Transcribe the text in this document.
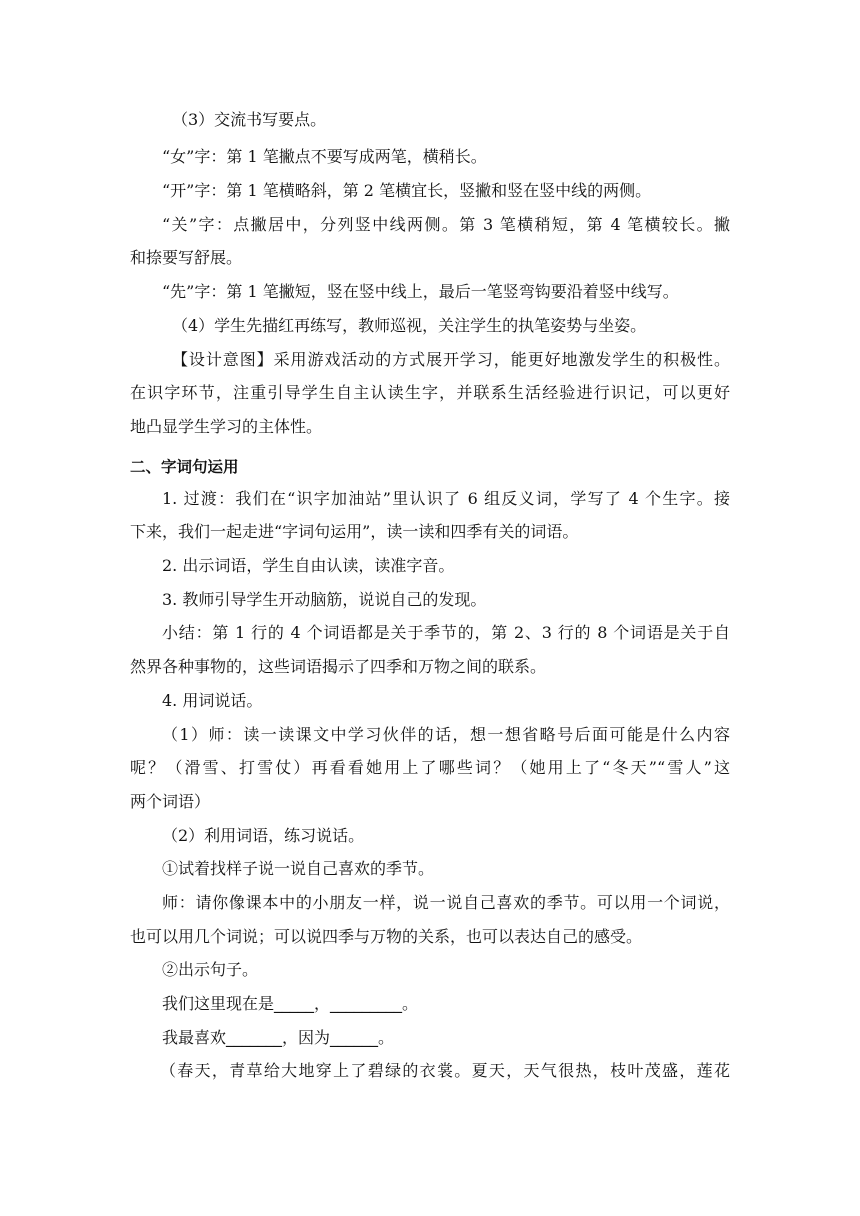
（3）交流书写要点。
“女”字：第 1 笔撇点不要写成两笔，横稍长。
“开”字：第 1 笔横略斜，第 2 笔横宜长，竖撇和竖在竖中线的两侧。
“关”字：点撇居中，分列竖中线两侧。第 3 笔横稍短，第 4 笔横较长。撇
和捺要写舒展。
“先”字：第 1 笔撇短，竖在竖中线上，最后一笔竖弯钩要沿着竖中线写。
（4）学生先描红再练写，教师巡视，关注学生的执笔姿势与坐姿。
【设计意图】采用游戏活动的方式展开学习，能更好地激发学生的积极性。
在识字环节，注重引导学生自主认读生字，并联系生活经验进行识记，可以更好
地凸显学生学习的主体性。
二、字词句运用
1. 过渡：我们在“识字加油站”里认识了 6 组反义词，学写了 4 个生字。接
下来，我们一起走进“字词句运用”，读一读和四季有关的词语。
2. 出示词语，学生自由认读，读准字音。
3. 教师引导学生开动脑筋，说说自己的发现。
小结：第 1 行的 4 个词语都是关于季节的，第 2、3 行的 8 个词语是关于自
然界各种事物的，这些词语揭示了四季和万物之间的联系。
4. 用词说话。
（1）师：读一读课文中学习伙伴的话，想一想省略号后面可能是什么内容
呢？（滑雪、打雪仗）再看看她用上了哪些词？（她用上了“冬天”“雪人”这
两个词语）
（2）利用词语，练习说话。
①试着找样子说一说自己喜欢的季节。
师：请你像课本中的小朋友一样，说一说自己喜欢的季节。可以用一个词说，
也可以用几个词说；可以说四季与万物的关系，也可以表达自己的感受。
②出示句子。
我们这里现在是_____，_________。
我最喜欢_______，因为______。
（春天，青草给大地穿上了碧绿的衣裳。夏天，天气很热，枝叶茂盛，莲花
